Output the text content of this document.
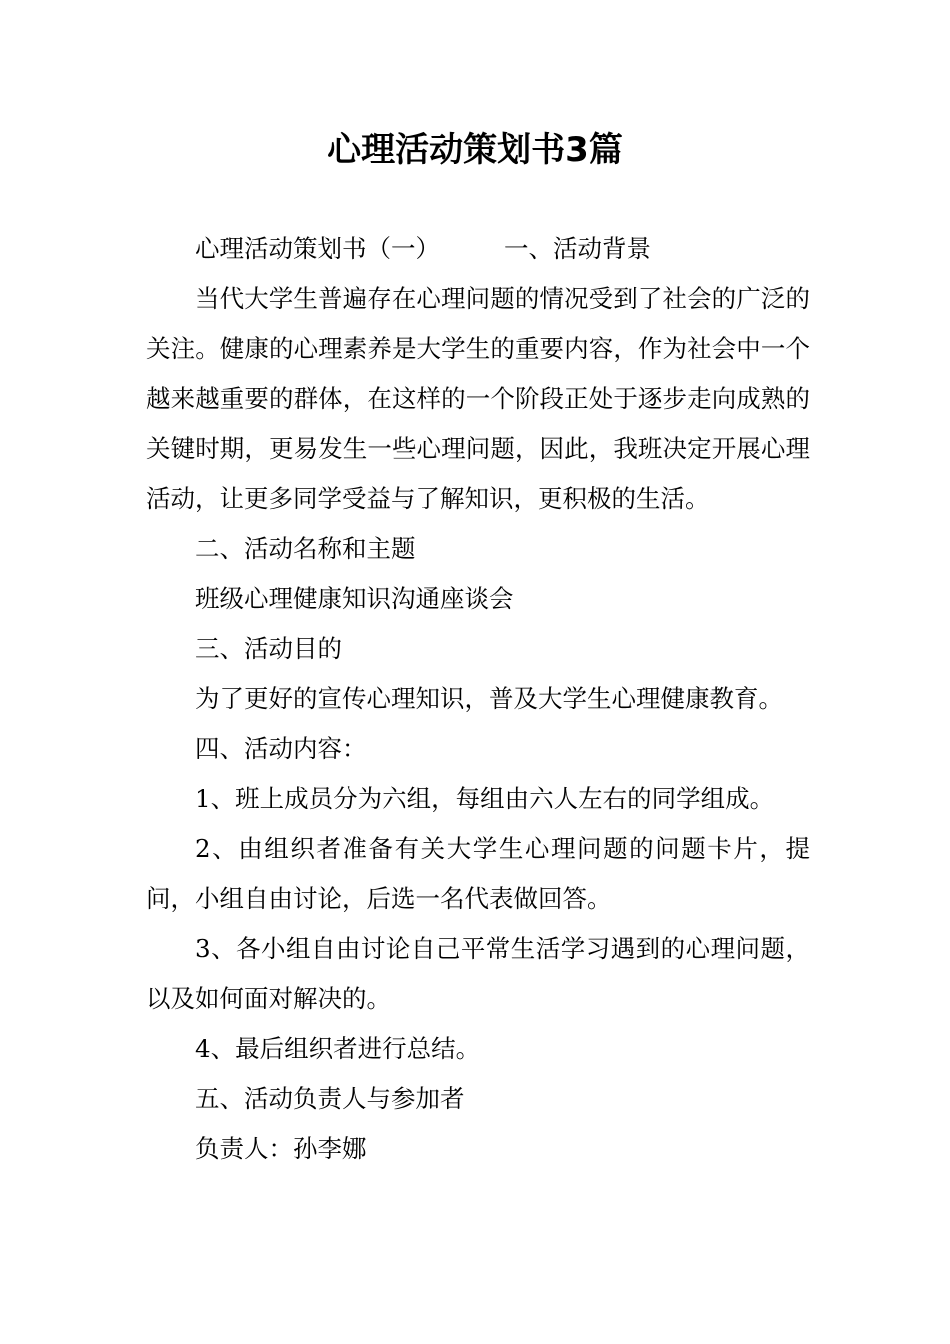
心理活动策划书3篇

心理活动策划书（一）	一、活动背景

当代大学生普遍存在心理问题的情况受到了社会的广泛的关注。健康的心理素养是大学生的重要内容，作为社会中一个越来越重要的群体，在这样的一个阶段正处于逐步走向成熟的关键时期，更易发生一些心理问题，因此，我班决定开展心理活动，让更多同学受益与了解知识，更积极的生活。

二、活动名称和主题

班级心理健康知识沟通座谈会

三、活动目的

为了更好的宣传心理知识，普及大学生心理健康教育。

四、活动内容：

1、班上成员分为六组，每组由六人左右的同学组成。

2、由组织者准备有关大学生心理问题的问题卡片，提问，小组自由讨论，后选一名代表做回答。

3、各小组自由讨论自己平常生活学习遇到的心理问题，以及如何面对解决的。

4、最后组织者进行总结。

五、活动负责人与参加者

负责人：孙李娜
